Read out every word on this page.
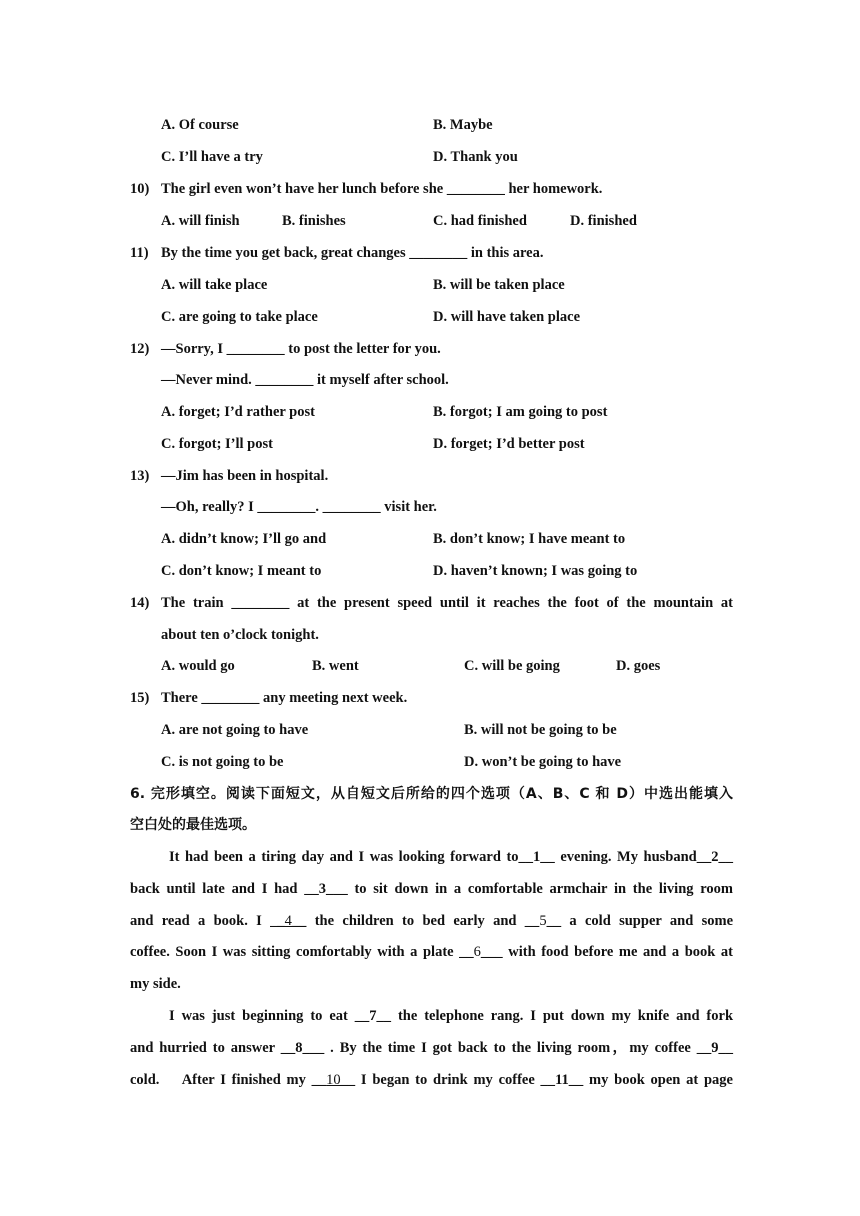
A. Of course	B. Maybe
C. I’ll have a try	D. Thank you
10) The girl even won’t have her lunch before she ________ her homework.
A. will finish	B. finishes	C. had finished	D. finished
11) By the time you get back, great changes ________ in this area.
A. will take place	B. will be taken place
C. are going to take place	D. will have taken place
12) —Sorry, I ________ to post the letter for you.
—Never mind. ________ it myself after school.
A. forget; I’d rather post	B. forgot; I am going to post
C. forgot; I’ll post	D. forget; I’d better post
13) —Jim has been in hospital.
—Oh, really? I ________. ________ visit her.
A. didn’t know; I’ll go and	B. don’t know; I have meant to
C. don’t know; I meant to	D. haven’t known; I was going to
14) The train ________ at the present speed until it reaches the foot of the mountain at
about ten o’clock tonight.
A. would go	B. went	C. will be going	D. goes
15) There ________ any meeting next week.
A. are not going to have	B. will not be going to be
C. is not going to be	D. won’t be going to have
6. 完形填空。阅读下面短文，从自短文后所给的四个选项（A、B、C 和 D）中选出能填入
空白处的最佳选项。
It had been a tiring day and I was looking forward to__1__ evening. My husband__2__
back until late and I had __3___ to sit down in a comfortable armchair in the living room
and read a book. I __4__ the children to bed early and __5__ a cold supper and some
coffee. Soon I was sitting comfortably with a plate __6___ with food before me and a book at
my side.
I was just beginning to eat __7__ the telephone rang. I put down my knife and fork
and hurried to answer __8___ . By the time I got back to the living room，my coffee __9__
cold.    After I finished my __10__ I began to drink my coffee __11__ my book open at page
